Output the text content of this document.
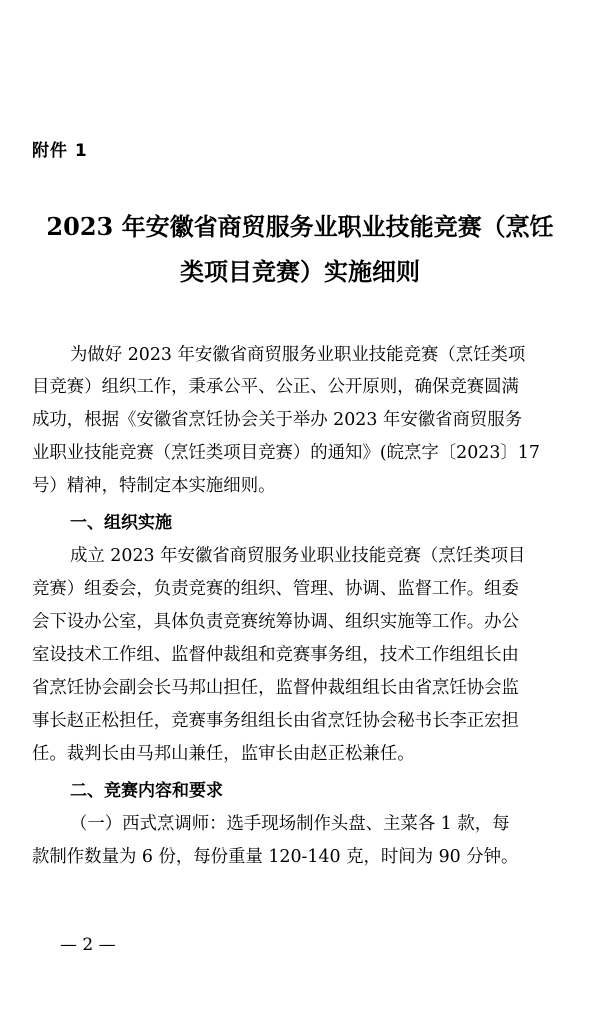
附件 1
2023 年安徽省商贸服务业职业技能竞赛（烹饪
类项目竞赛）实施细则
为做好 2023 年安徽省商贸服务业职业技能竞赛（烹饪类项
目竞赛）组织工作，秉承公平、公正、公开原则，确保竞赛圆满
成功，根据《安徽省烹饪协会关于举办 2023 年安徽省商贸服务
业职业技能竞赛（烹饪类项目竞赛）的通知》(皖烹字〔2023〕17
号）精神，特制定本实施细则。
一、组织实施
成立 2023 年安徽省商贸服务业职业技能竞赛（烹饪类项目
竞赛）组委会，负责竞赛的组织、管理、协调、监督工作。组委
会下设办公室，具体负责竞赛统筹协调、组织实施等工作。办公
室设技术工作组、监督仲裁组和竞赛事务组，技术工作组组长由
省烹饪协会副会长马邦山担任，监督仲裁组组长由省烹饪协会监
事长赵正松担任，竞赛事务组组长由省烹饪协会秘书长李正宏担
任。裁判长由马邦山兼任，监审长由赵正松兼任。
二、竞赛内容和要求
（一）西式烹调师：选手现场制作头盘、主菜各 1 款，每
款制作数量为 6 份，每份重量 120-140 克，时间为 90 分钟。
— 2 —
